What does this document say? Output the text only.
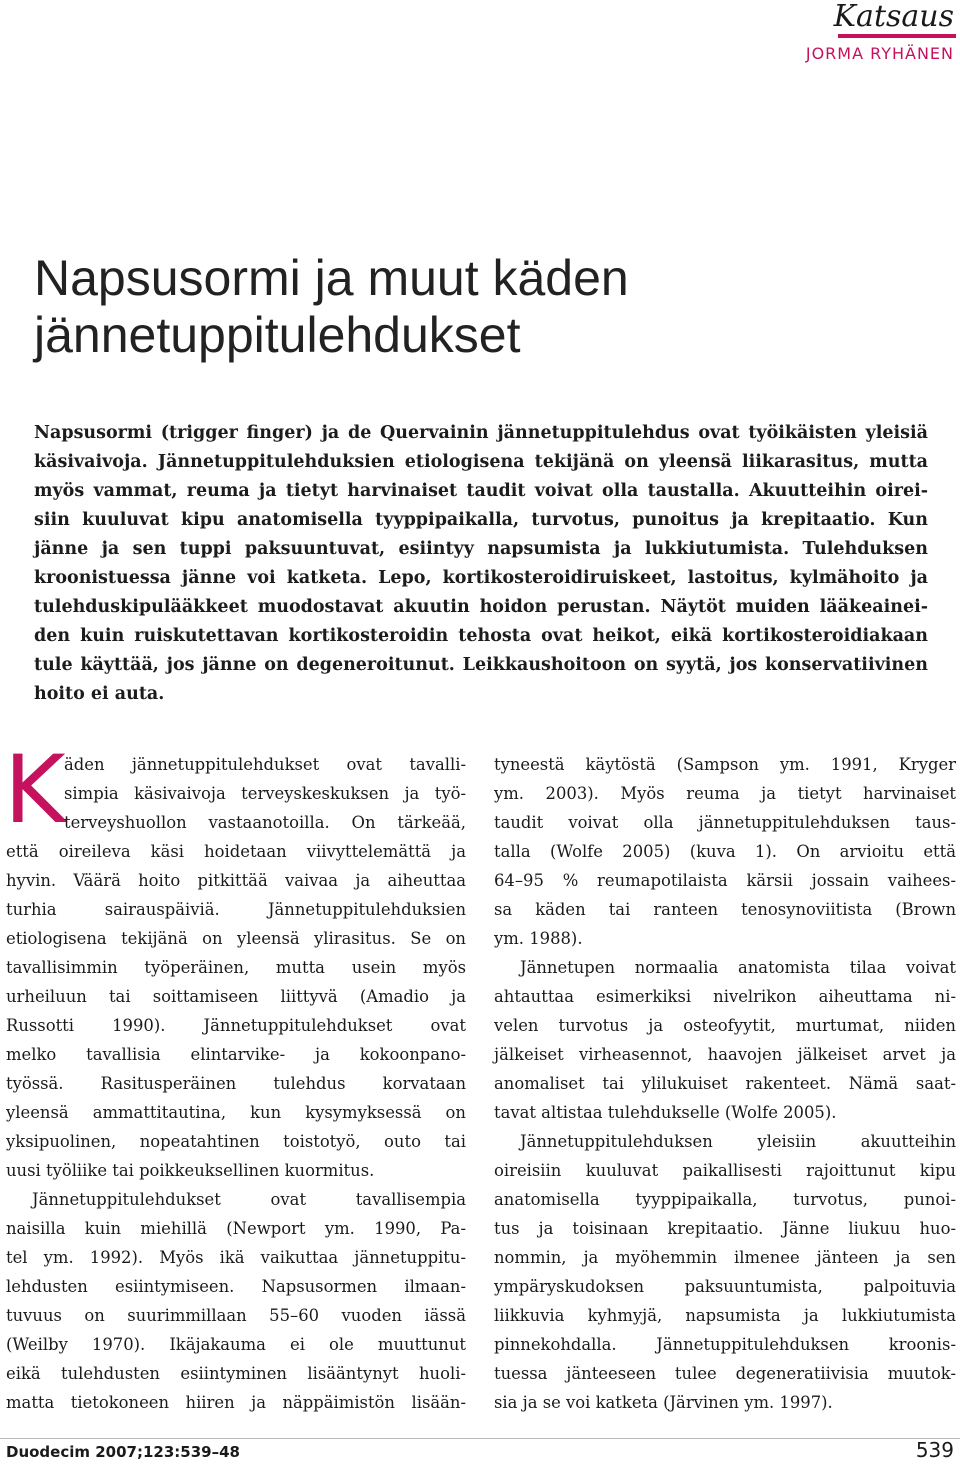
Katsaus
JORMA RYHÄNEN
Napsusormi ja muut käden
jännetuppitulehdukset
Napsusormi (trigger finger) ja de Quervainin jännetuppitulehdus ovat työikäisten yleisiä
käsivaivoja. Jännetuppitulehduksien etiologisena tekijänä on yleensä liikarasitus, mutta
myös vammat, reuma ja tietyt harvinaiset taudit voivat olla taustalla. Akuutteihin oirei-
siin kuuluvat kipu anatomisella tyyppipaikalla, turvotus, punoitus ja krepitaatio. Kun
jänne ja sen tuppi paksuuntuvat, esiintyy napsumista ja lukkiutumista. Tulehduksen
kroonistuessa jänne voi katketa. Lepo, kortikosteroidiruiskeet, lastoitus, kylmähoito ja
tulehduskipulääkkeet muodostavat akuutin hoidon perustan. Näytöt muiden lääkeainei-
den kuin ruiskutettavan kortikosteroidin tehosta ovat heikot, eikä kortikosteroidiakaan
tule käyttää, jos jänne on degeneroitunut. Leikkaushoitoon on syytä, jos konservatiivinen
hoito ei auta.
K
äden jännetuppitulehdukset ovat tavalli-
simpia käsivaivoja terveyskeskuksen ja työ-
terveyshuollon vastaanotoilla. On tärkeää,
että oireileva käsi hoidetaan viivyttelemättä ja
hyvin. Väärä hoito pitkittää vaivaa ja aiheuttaa
turhia sairauspäiviä. Jännetuppitulehduksien
etiologisena tekijänä on yleensä ylirasitus. Se on
tavallisimmin työperäinen, mutta usein myös
urheiluun tai soittamiseen liittyvä (Amadio ja
Russotti 1990). Jännetuppitulehdukset ovat
melko tavallisia elintarvike- ja kokoonpano-
työssä. Rasitusperäinen tulehdus korvataan
yleensä ammattitautina, kun kysymyksessä on
yksipuolinen, nopeatahtinen toistotyö, outo tai
uusi työliike tai poikkeuksellinen kuormitus.
Jännetuppitulehdukset ovat tavallisempia
naisilla kuin miehillä (Newport ym. 1990, Pa-
tel ym. 1992). Myös ikä vaikuttaa jännetuppitu-
lehdusten esiintymiseen. Napsusormen ilmaan-
tuvuus on suurimmillaan 55–60 vuoden iässä
(Weilby 1970). Ikäjakauma ei ole muuttunut
eikä tulehdusten esiintyminen lisääntynyt huoli-
matta tietokoneen hiiren ja näppäimistön lisään-
tyneestä käytöstä (Sampson ym. 1991, Kryger
ym. 2003). Myös reuma ja tietyt harvinaiset
taudit voivat olla jännetuppitulehduksen taus-
talla (Wolfe 2005) (kuva 1). On arvioitu että
64–95 % reumapotilaista kärsii jossain vaihees-
sa käden tai ranteen tenosynoviitista (Brown
ym. 1988).
Jännetupen normaalia anatomista tilaa voivat
ahtauttaa esimerkiksi nivelrikon aiheuttama ni-
velen turvotus ja osteofyytit, murtumat, niiden
jälkeiset virheasennot, haavojen jälkeiset arvet ja
anomaliset tai ylilukuiset rakenteet. Nämä saat-
tavat altistaa tulehdukselle (Wolfe 2005).
Jännetuppitulehduksen yleisiin akuutteihin
oireisiin kuuluvat paikallisesti rajoittunut kipu
anatomisella tyyppipaikalla, turvotus, punoi-
tus ja toisinaan krepitaatio. Jänne liukuu huo-
nommin, ja myöhemmin ilmenee jänteen ja sen
ympäryskudoksen paksuuntumista, palpoituvia
liikkuvia kyhmyjä, napsumista ja lukkiutumista
pinnekohdalla. Jännetuppitulehduksen kroonis-
tuessa jänteeseen tulee degeneratiivisia muutok-
sia ja se voi katketa (Järvinen ym. 1997).
Duodecim 2007;123:539–48	539
